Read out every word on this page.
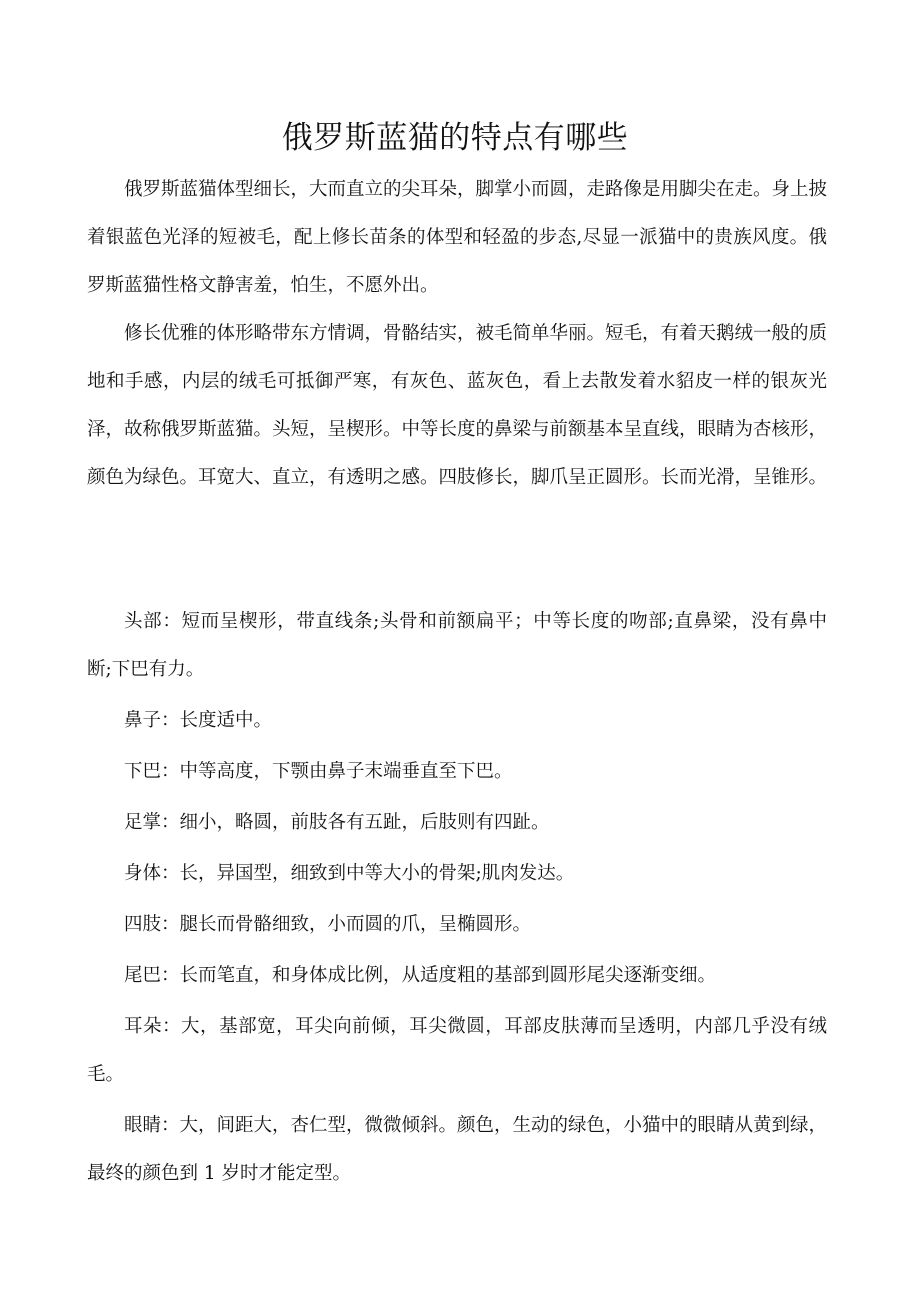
俄罗斯蓝猫的特点有哪些

俄罗斯蓝猫体型细长，大而直立的尖耳朵，脚掌小而圆，走路像是用脚尖在走。身上披着银蓝色光泽的短被毛，配上修长苗条的体型和轻盈的步态,尽显一派猫中的贵族风度。俄罗斯蓝猫性格文静害羞，怕生，不愿外出。

修长优雅的体形略带东方情调，骨骼结实，被毛简单华丽。短毛，有着天鹅绒一般的质地和手感，内层的绒毛可抵御严寒，有灰色、蓝灰色，看上去散发着水貂皮一样的银灰光泽，故称俄罗斯蓝猫。头短，呈楔形。中等长度的鼻梁与前额基本呈直线，眼睛为杏核形，颜色为绿色。耳宽大、直立，有透明之感。四肢修长，脚爪呈正圆形。长而光滑，呈锥形。

头部：短而呈楔形，带直线条;头骨和前额扁平；中等长度的吻部;直鼻梁，没有鼻中断;下巴有力。

鼻子：长度适中。

下巴：中等高度，下颚由鼻子末端垂直至下巴。

足掌：细小，略圆，前肢各有五趾，后肢则有四趾。

身体：长，异国型，细致到中等大小的骨架;肌肉发达。

四肢：腿长而骨骼细致，小而圆的爪，呈椭圆形。

尾巴：长而笔直，和身体成比例，从适度粗的基部到圆形尾尖逐渐变细。

耳朵：大，基部宽，耳尖向前倾，耳尖微圆，耳部皮肤薄而呈透明，内部几乎没有绒毛。

眼睛：大，间距大，杏仁型，微微倾斜。颜色，生动的绿色，小猫中的眼睛从黄到绿，最终的颜色到 1 岁时才能定型。
